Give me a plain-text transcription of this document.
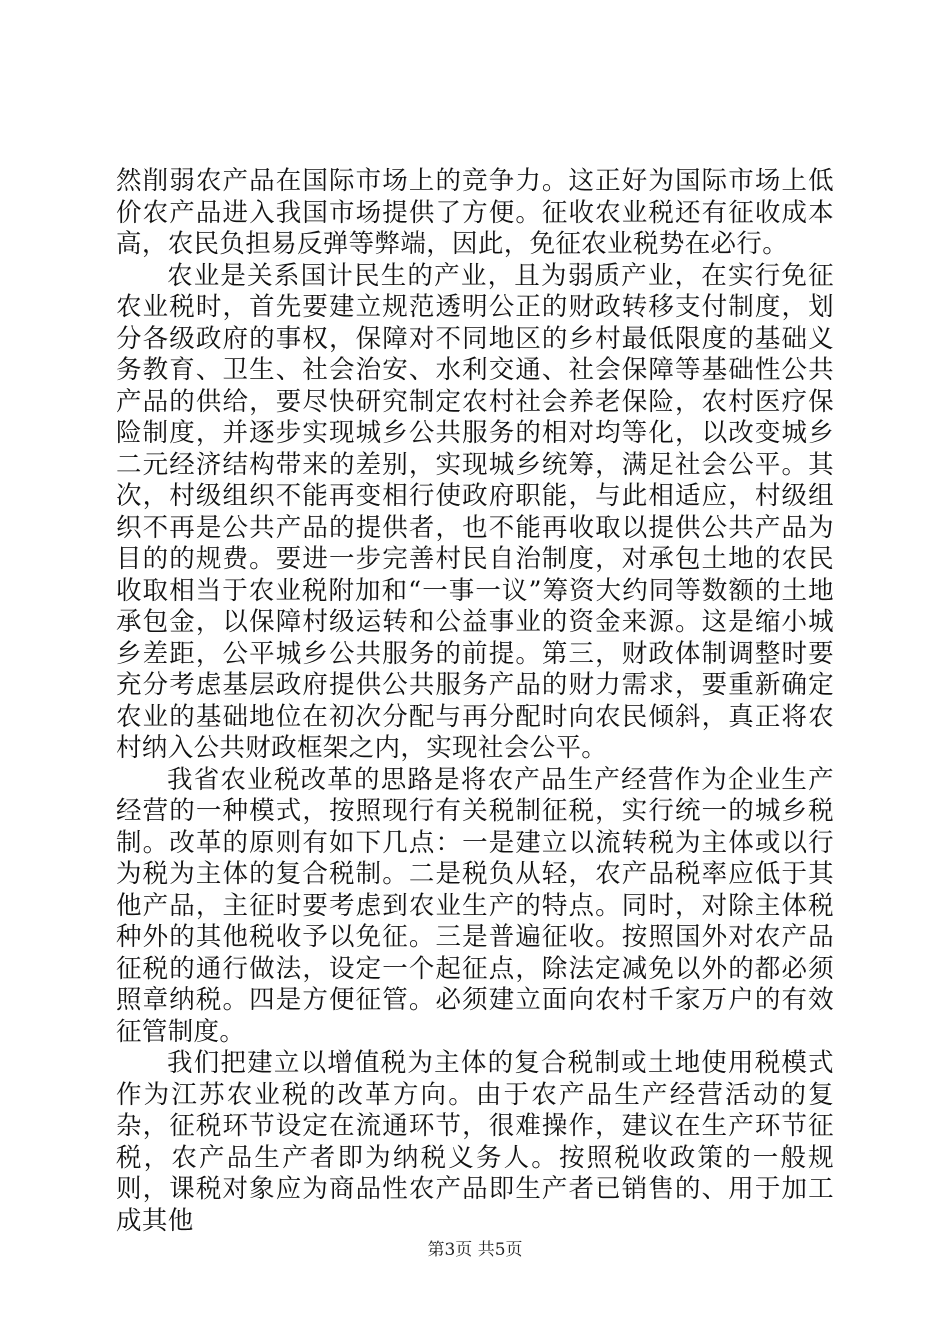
然削弱农产品在国际市场上的竞争力。这正好为国际市场上低价农产品进入我国市场提供了方便。征收农业税还有征收成本高，农民负担易反弹等弊端，因此，免征农业税势在必行。

农业是关系国计民生的产业，且为弱质产业，在实行免征农业税时，首先要建立规范透明公正的财政转移支付制度，划分各级政府的事权，保障对不同地区的乡村最低限度的基础义务教育、卫生、社会治安、水利交通、社会保障等基础性公共产品的供给，要尽快研究制定农村社会养老保险，农村医疗保险制度，并逐步实现城乡公共服务的相对均等化，以改变城乡二元经济结构带来的差别，实现城乡统筹，满足社会公平。其次，村级组织不能再变相行使政府职能，与此相适应，村级组织不再是公共产品的提供者，也不能再收取以提供公共产品为目的的规费。要进一步完善村民自治制度，对承包土地的农民收取相当于农业税附加和“一事一议”筹资大约同等数额的土地承包金，以保障村级运转和公益事业的资金来源。这是缩小城乡差距，公平城乡公共服务的前提。第三，财政体制调整时要充分考虑基层政府提供公共服务产品的财力需求，要重新确定农业的基础地位在初次分配与再分配时向农民倾斜，真正将农村纳入公共财政框架之内，实现社会公平。

我省农业税改革的思路是将农产品生产经营作为企业生产经营的一种模式，按照现行有关税制征税，实行统一的城乡税制。改革的原则有如下几点：一是建立以流转税为主体或以行为税为主体的复合税制。二是税负从轻，农产品税率应低于其他产品，主征时要考虑到农业生产的特点。同时，对除主体税种外的其他税收予以免征。三是普遍征收。按照国外对农产品征税的通行做法，设定一个起征点，除法定减免以外的都必须照章纳税。四是方便征管。必须建立面向农村千家万户的有效征管制度。

我们把建立以增值税为主体的复合税制或土地使用税模式作为江苏农业税的改革方向。由于农产品生产经营活动的复杂，征税环节设定在流通环节，很难操作，建议在生产环节征税，农产品生产者即为纳税义务人。按照税收政策的一般规则，课税对象应为商品性农产品即生产者已销售的、用于加工成其他

第3页 共5页
